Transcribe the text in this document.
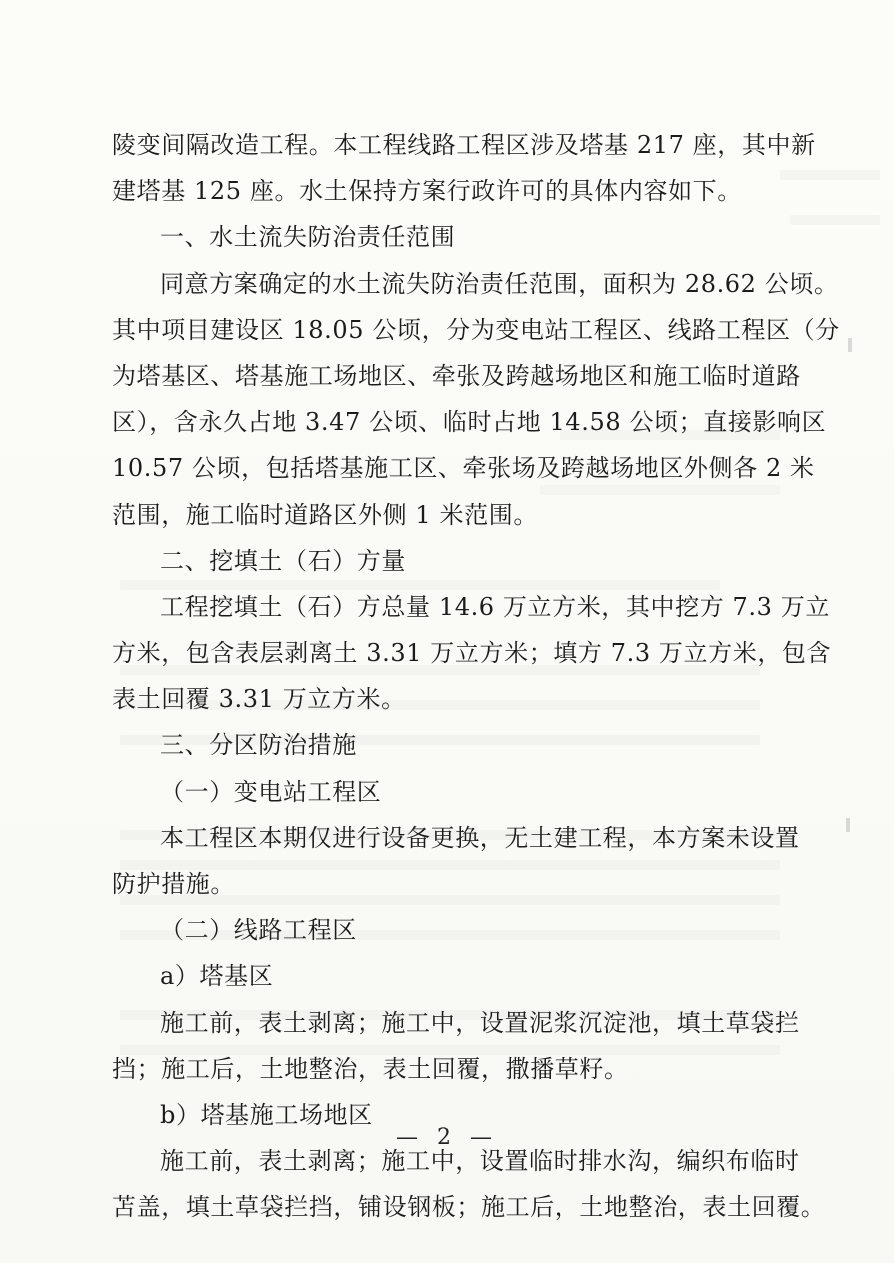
陵变间隔改造工程。本工程线路工程区涉及塔基 217 座，其中新
建塔基 125 座。水土保持方案行政许可的具体内容如下。
一、水土流失防治责任范围
同意方案确定的水土流失防治责任范围，面积为 28.62 公顷。
其中项目建设区 18.05 公顷，分为变电站工程区、线路工程区（分
为塔基区、塔基施工场地区、牵张及跨越场地区和施工临时道路
区），含永久占地 3.47 公顷、临时占地 14.58 公顷；直接影响区
10.57 公顷，包括塔基施工区、牵张场及跨越场地区外侧各 2 米
范围，施工临时道路区外侧 1 米范围。
二、挖填土（石）方量
工程挖填土（石）方总量 14.6 万立方米，其中挖方 7.3 万立
方米，包含表层剥离土 3.31 万立方米；填方 7.3 万立方米，包含
表土回覆 3.31 万立方米。
三、分区防治措施
（一）变电站工程区
本工程区本期仅进行设备更换，无土建工程，本方案未设置
防护措施。
（二）线路工程区
a）塔基区
施工前，表土剥离；施工中，设置泥浆沉淀池，填土草袋拦
挡；施工后，土地整治，表土回覆，撒播草籽。
b）塔基施工场地区
施工前，表土剥离；施工中，设置临时排水沟，编织布临时
苫盖，填土草袋拦挡，铺设钢板；施工后，土地整治，表土回覆。
— 2 —
